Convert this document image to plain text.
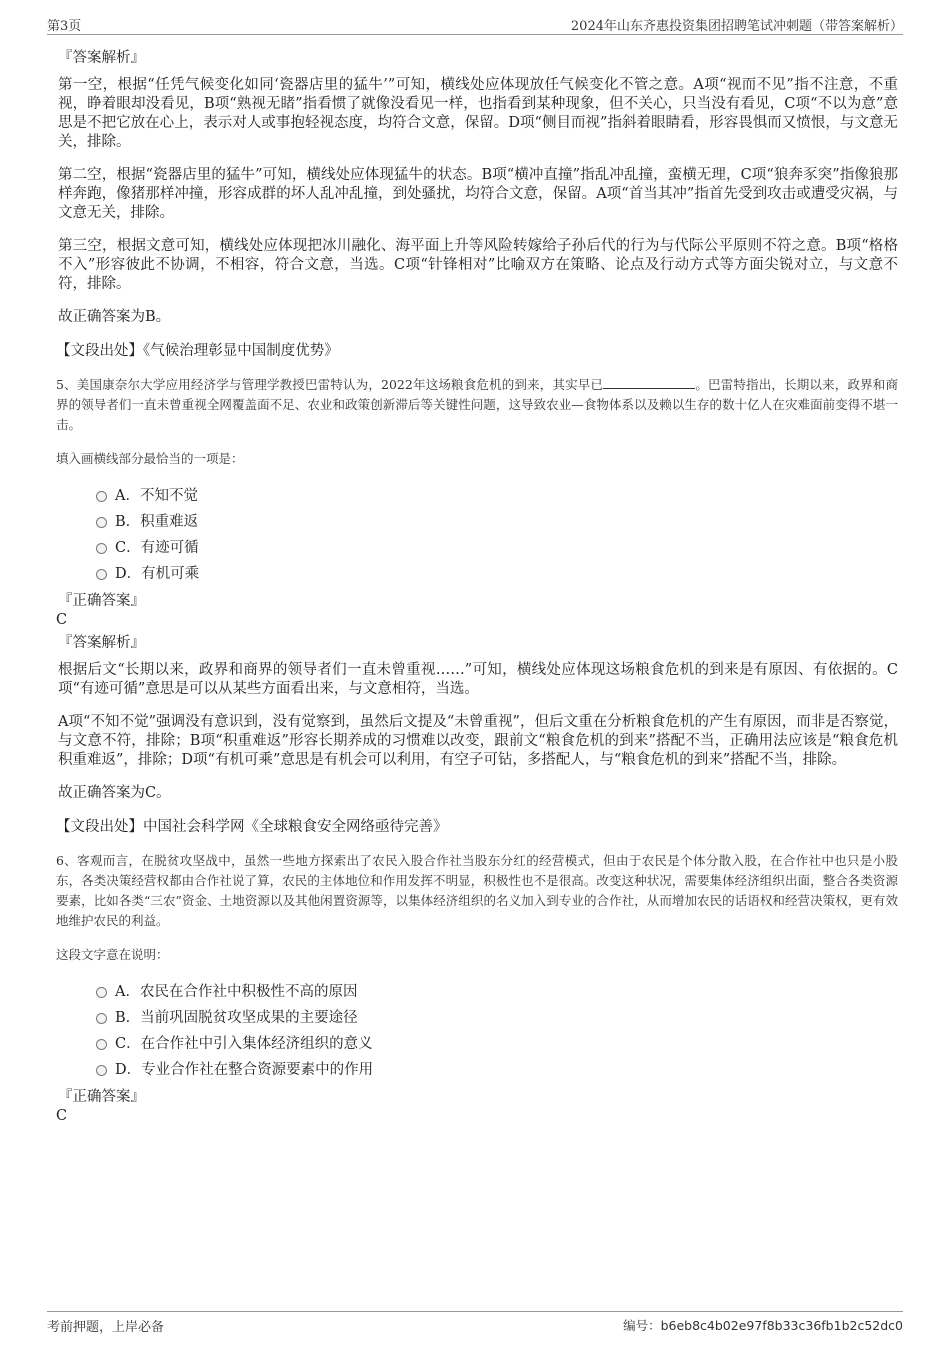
第3页	2024年山东齐惠投资集团招聘笔试冲刺题（带答案解析）
『答案解析』

第一空，根据“任凭气候变化如同‘瓷器店里的猛牛’”可知，横线处应体现放任气候变化不管之意。A项“视而不见”指不注意，不重视，睁着眼却没看见，B项“熟视无睹”指看惯了就像没看见一样，也指看到某种现象，但不关心，只当没有看见，C项“不以为意”意思是不把它放在心上，表示对人或事抱轻视态度，均符合文意，保留。D项“侧目而视”指斜着眼睛看，形容畏惧而又愤恨，与文意无关，排除。

第二空，根据“瓷器店里的猛牛”可知，横线处应体现猛牛的状态。B项“横冲直撞”指乱冲乱撞，蛮横无理，C项“狼奔豕突”指像狼那样奔跑，像猪那样冲撞，形容成群的坏人乱冲乱撞，到处骚扰，均符合文意，保留。A项“首当其冲”指首先受到攻击或遭受灾祸，与文意无关，排除。

第三空，根据文意可知，横线处应体现把冰川融化、海平面上升等风险转嫁给子孙后代的行为与代际公平原则不符之意。B项“格格不入”形容彼此不协调，不相容，符合文意，当选。C项“针锋相对”比喻双方在策略、论点及行动方式等方面尖锐对立，与文意不符，排除。

故正确答案为B。

【文段出处】《气候治理彰显中国制度优势》

5、美国康奈尔大学应用经济学与管理学教授巴雷特认为，2022年这场粮食危机的到来，其实早已	。巴雷特指出，长期以来，政界和商界的领导者们一直未曾重视全网覆盖面不足、农业和政策创新滞后等关键性问题，这导致农业—食物体系以及赖以生存的数十亿人在灾难面前变得不堪一击。

填入画横线部分最恰当的一项是：

A． 不知不觉
B． 积重难返
C． 有迹可循
D． 有机可乘
『正确答案』
C
『答案解析』

根据后文“长期以来，政界和商界的领导者们一直未曾重视……”可知，横线处应体现这场粮食危机的到来是有原因、有依据的。C项“有迹可循”意思是可以从某些方面看出来，与文意相符，当选。

A项“不知不觉”强调没有意识到，没有觉察到，虽然后文提及“未曾重视”，但后文重在分析粮食危机的产生有原因，而非是否察觉，与文意不符，排除；B项“积重难返”形容长期养成的习惯难以改变，跟前文“粮食危机的到来”搭配不当，正确用法应该是“粮食危机积重难返”，排除；D项“有机可乘”意思是有机会可以利用，有空子可钻，多搭配人，与“粮食危机的到来”搭配不当，排除。

故正确答案为C。

【文段出处】中国社会科学网《全球粮食安全网络亟待完善》

6、客观而言，在脱贫攻坚战中，虽然一些地方探索出了农民入股合作社当股东分红的经营模式，但由于农民是个体分散入股，在合作社中也只是小股东，各类决策经营权都由合作社说了算，农民的主体地位和作用发挥不明显，积极性也不是很高。改变这种状况，需要集体经济组织出面，整合各类资源要素，比如各类“三农”资金、土地资源以及其他闲置资源等，以集体经济组织的名义加入到专业的合作社，从而增加农民的话语权和经营决策权，更有效地维护农民的利益。

这段文字意在说明：

A． 农民在合作社中积极性不高的原因
B． 当前巩固脱贫攻坚成果的主要途径
C． 在合作社中引入集体经济组织的意义
D． 专业合作社在整合资源要素中的作用
『正确答案』
C
考前押题，上岸必备	编号：b6eb8c4b02e97f8b33c36fb1b2c52dc0
